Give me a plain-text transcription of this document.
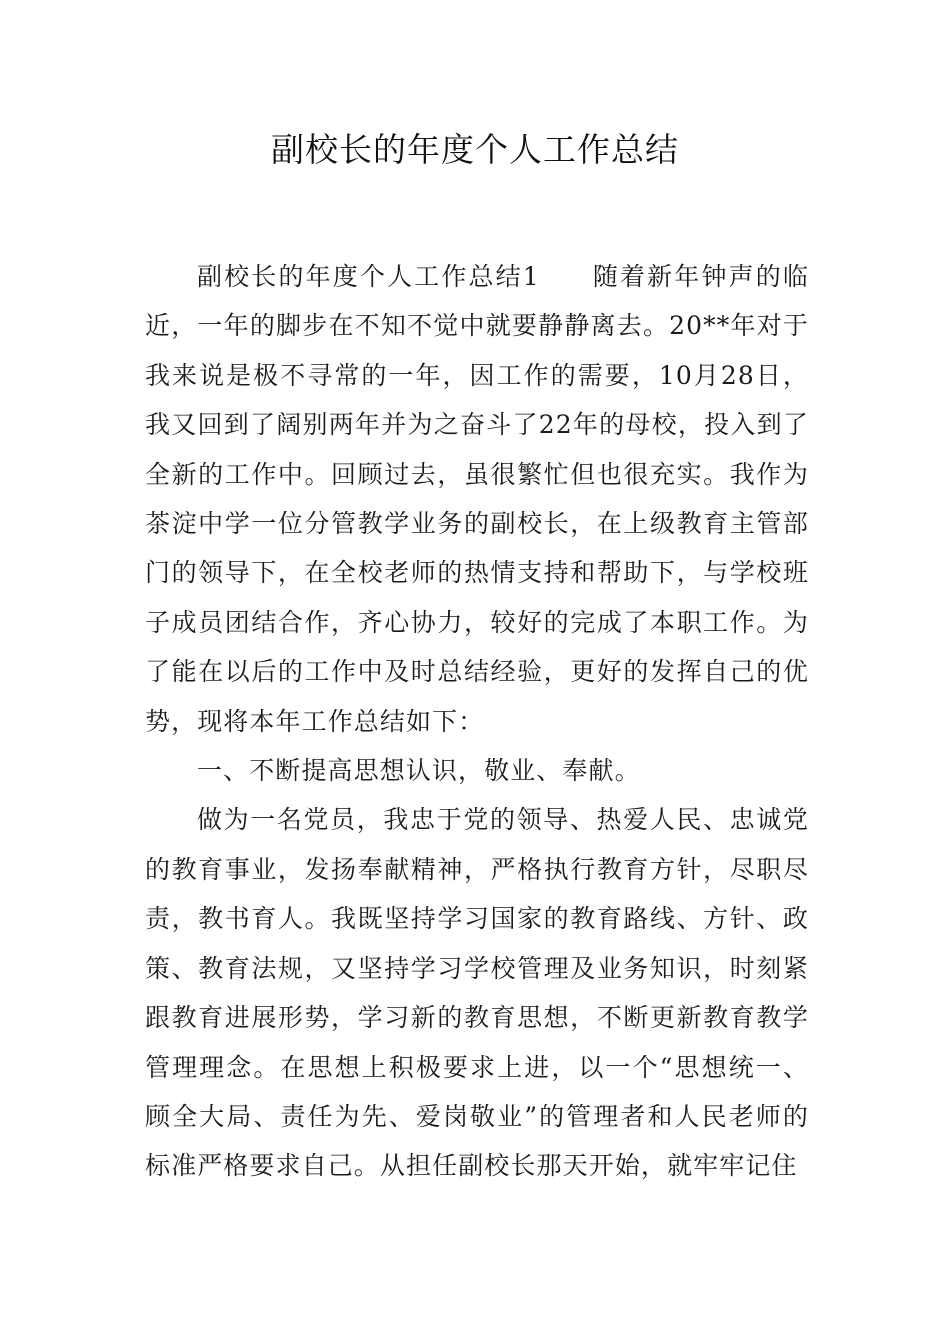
副校长的年度个人工作总结

副校长的年度个人工作总结1 随着新年钟声的临近，一年的脚步在不知不觉中就要静静离去。20**年对于我来说是极不寻常的一年，因工作的需要，10月28日，我又回到了阔别两年并为之奋斗了22年的母校，投入到了全新的工作中。回顾过去，虽很繁忙但也很充实。我作为茶淀中学一位分管教学业务的副校长，在上级教育主管部门的领导下，在全校老师的热情支持和帮助下，与学校班子成员团结合作，齐心协力，较好的完成了本职工作。为了能在以后的工作中及时总结经验，更好的发挥自己的优势，现将本年工作总结如下：

一、不断提高思想认识，敬业、奉献。

做为一名党员，我忠于党的领导、热爱人民、忠诚党的教育事业，发扬奉献精神，严格执行教育方针，尽职尽责，教书育人。我既坚持学习国家的教育路线、方针、政策、教育法规，又坚持学习学校管理及业务知识，时刻紧跟教育进展形势，学习新的教育思想，不断更新教育教学管理理念。在思想上积极要求上进，以一个“思想统一、顾全大局、责任为先、爱岗敬业”的管理者和人民老师的标准严格要求自己。从担任副校长那天开始，就牢牢记住
